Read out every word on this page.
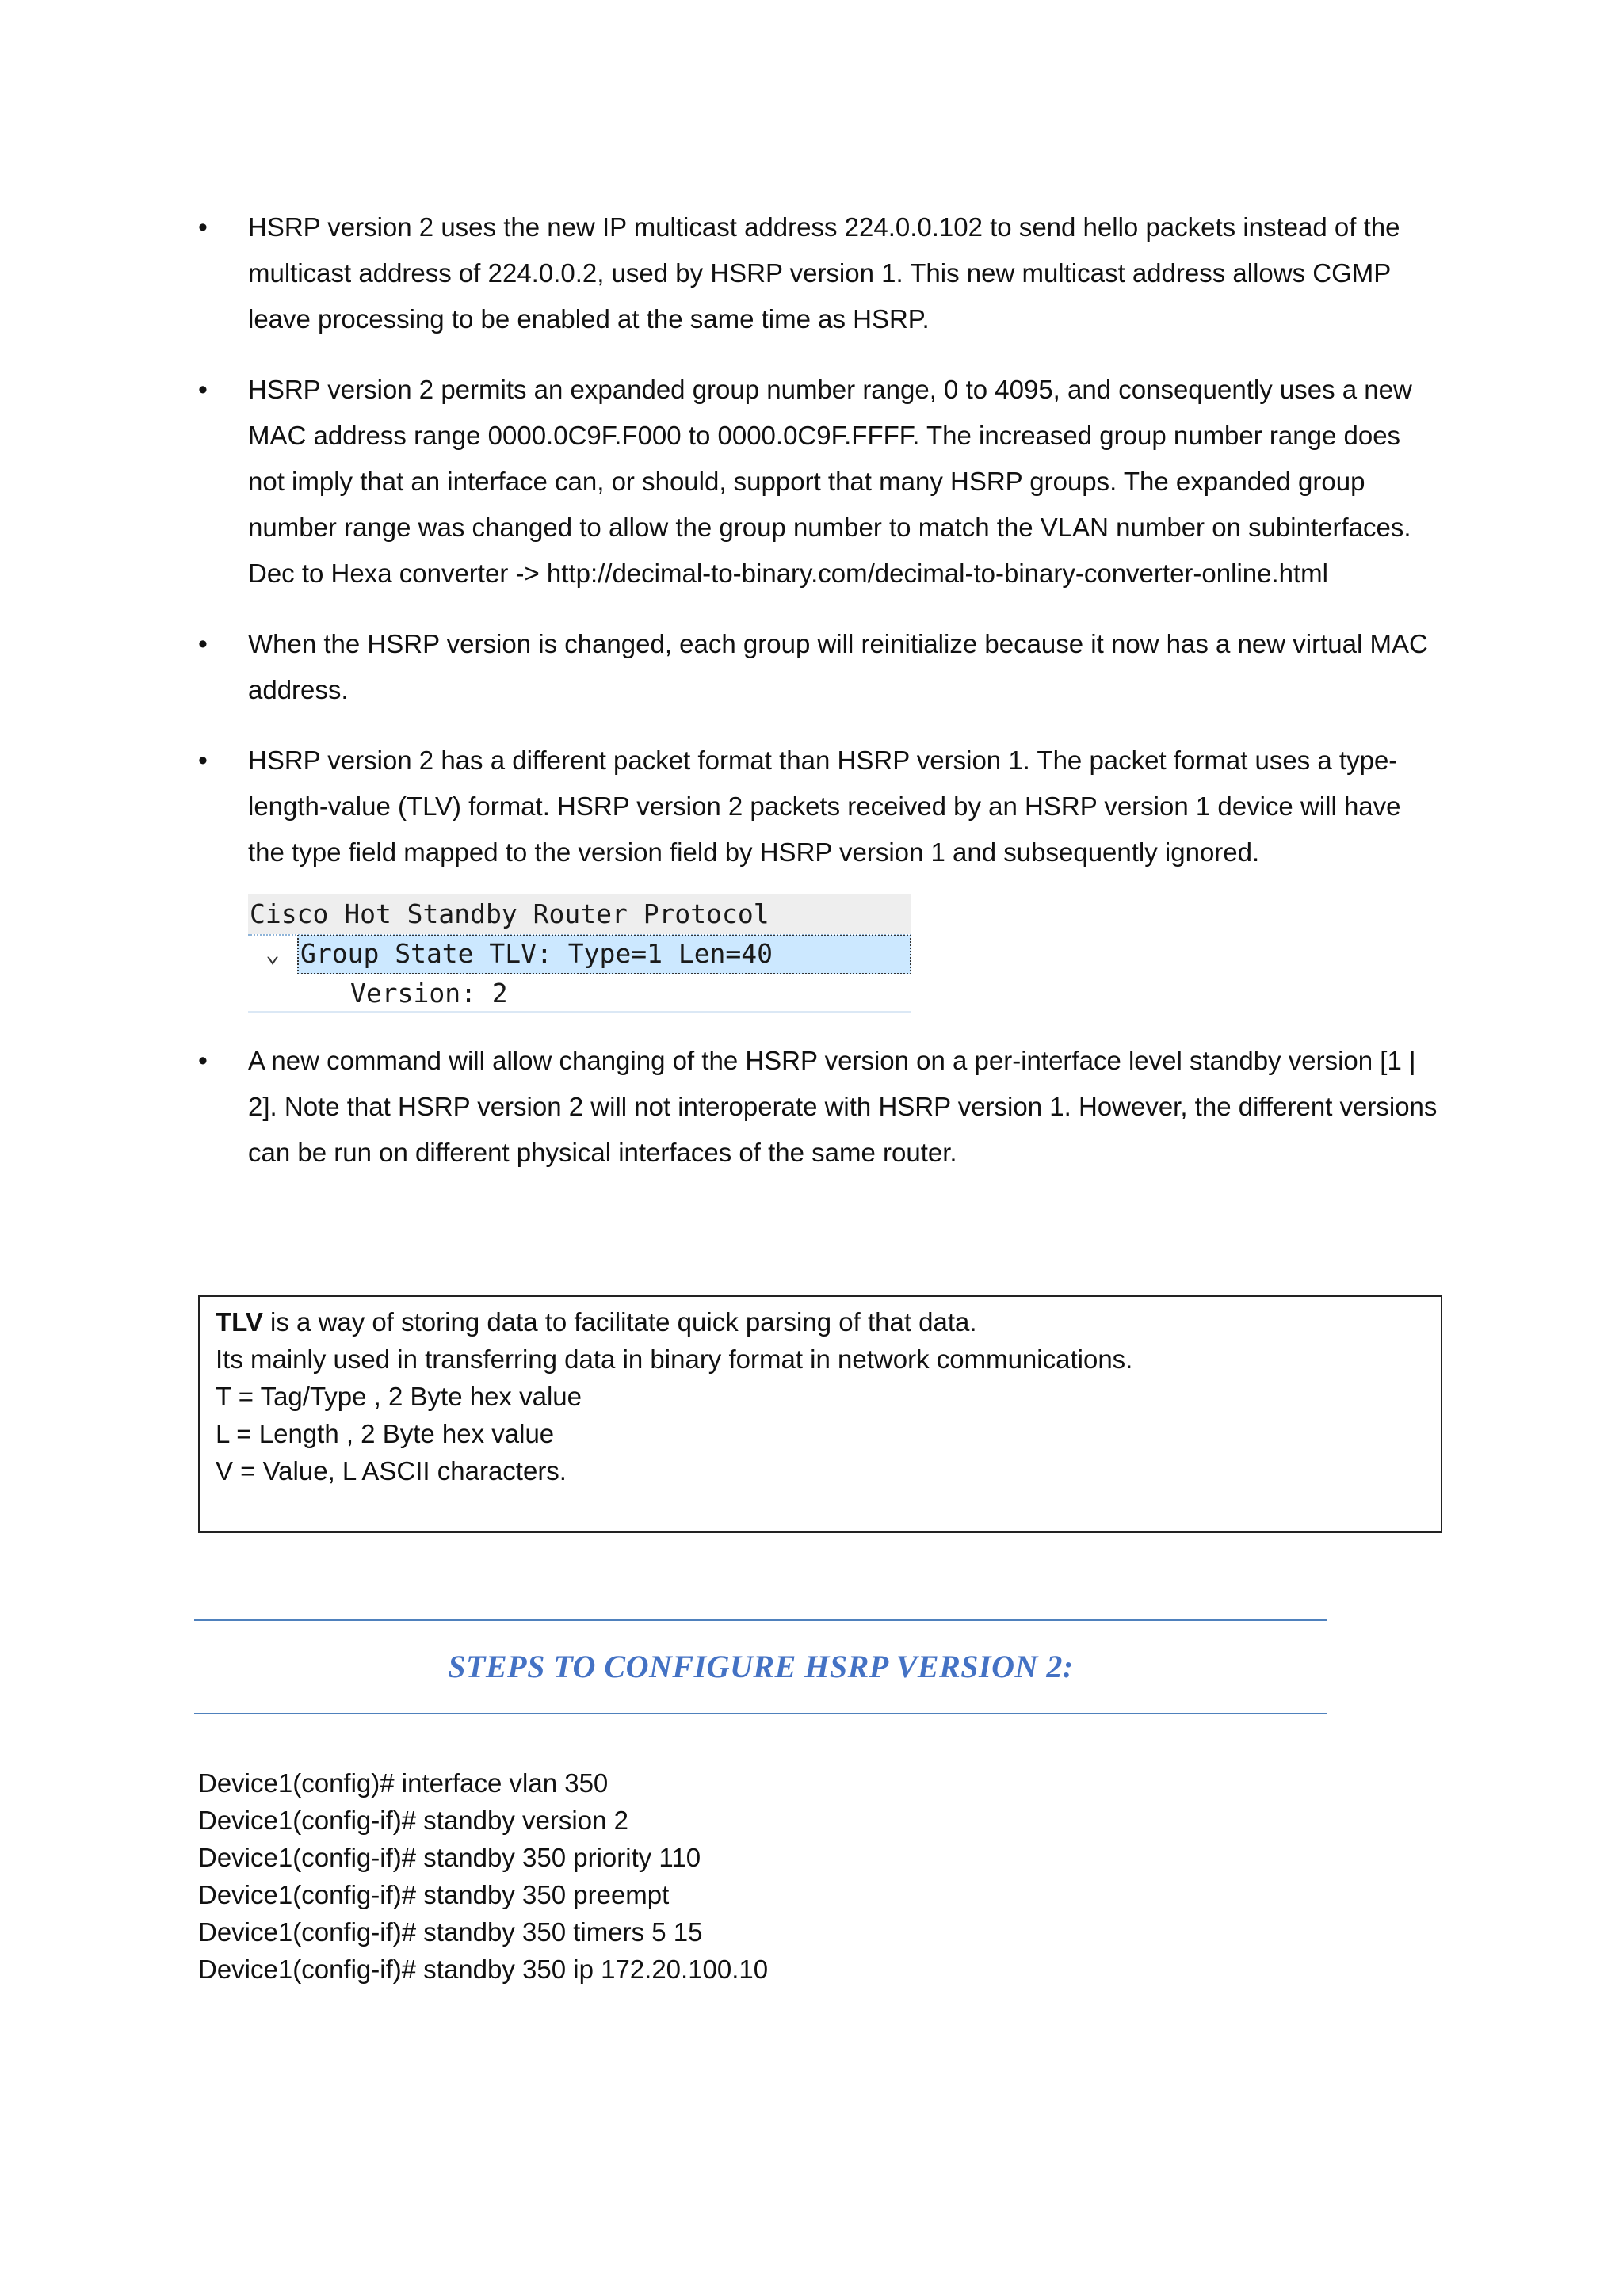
• HSRP version 2 uses the new IP multicast address 224.0.0.102 to send hello packets instead of the multicast address of 224.0.0.2, used by HSRP version 1. This new multicast address allows CGMP leave processing to be enabled at the same time as HSRP.
• HSRP version 2 permits an expanded group number range, 0 to 4095, and consequently uses a new MAC address range 0000.0C9F.F000 to 0000.0C9F.FFFF. The increased group number range does not imply that an interface can, or should, support that many HSRP groups. The expanded group number range was changed to allow the group number to match the VLAN number on subinterfaces. Dec to Hexa converter -> http://decimal-to-binary.com/decimal-to-binary-converter-online.html
• When the HSRP version is changed, each group will reinitialize because it now has a new virtual MAC address.
• HSRP version 2 has a different packet format than HSRP version 1. The packet format uses a type-length-value (TLV) format. HSRP version 2 packets received by an HSRP version 1 device will have the type field mapped to the version field by HSRP version 1 and subsequently ignored.
Cisco Hot Standby Router Protocol
⌄ Group State TLV: Type=1 Len=40
Version: 2
• A new command will allow changing of the HSRP version on a per-interface level standby version [1 | 2]. Note that HSRP version 2 will not interoperate with HSRP version 1. However, the different versions can be run on different physical interfaces of the same router.
TLV is a way of storing data to facilitate quick parsing of that data.
Its mainly used in transferring data in binary format in network communications.
T = Tag/Type , 2 Byte hex value
L = Length , 2 Byte hex value
V = Value, L ASCII characters.
STEPS TO CONFIGURE HSRP VERSION 2:
Device1(config)# interface vlan 350
Device1(config-if)# standby version 2
Device1(config-if)# standby 350 priority 110
Device1(config-if)# standby 350 preempt
Device1(config-if)# standby 350 timers 5 15
Device1(config-if)# standby 350 ip 172.20.100.10
